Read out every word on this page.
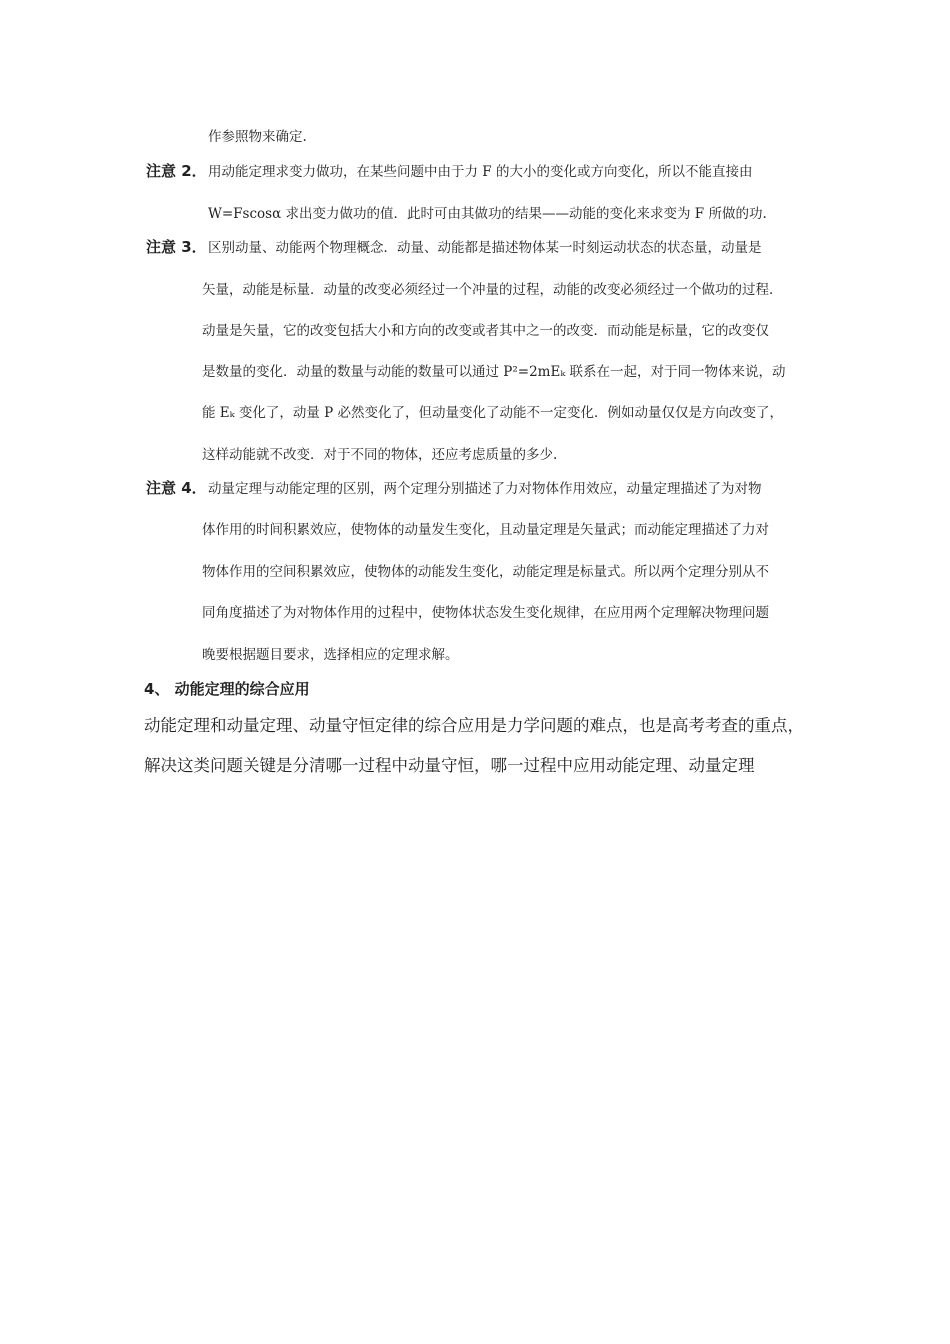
作参照物来确定.
注意 2． 用动能定理求变力做功，在某些问题中由于力 F 的大小的变化或方向变化，所以不能直接由
W=Fscosα 求出变力做功的值．此时可由其做功的结果——动能的变化来求变为 F 所做的功.
注意 3． 区别动量、动能两个物理概念．动量、动能都是描述物体某一时刻运动状态的状态量，动量是
矢量，动能是标量．动量的改变必须经过一个冲量的过程，动能的改变必须经过一个做功的过程．
动量是矢量，它的改变包括大小和方向的改变或者其中之一的改变．而动能是标量，它的改变仅
是数量的变化．动量的数量与动能的数量可以通过 P²=2mEₖ 联系在一起，对于同一物体来说，动
能 Eₖ 变化了，动量 P 必然变化了，但动量变化了动能不一定变化．例如动量仅仅是方向改变了，
这样动能就不改变．对于不同的物体，还应考虑质量的多少.
注意 4． 动量定理与动能定理的区别，两个定理分别描述了力对物体作用效应，动量定理描述了为对物
体作用的时间积累效应，使物体的动量发生变化，且动量定理是矢量武；而动能定理描述了力对
物体作用的空间积累效应，使物体的动能发生变化，动能定理是标量式。所以两个定理分别从不
同角度描述了为对物体作用的过程中，使物体状态发生变化规律，在应用两个定理解决物理问题
晚要根据题目要求，选择相应的定理求解。
4、 动能定理的综合应用
动能定理和动量定理、动量守恒定律的综合应用是力学问题的难点，也是高考考查的重点，
解决这类问题关键是分清哪一过程中动量守恒，哪一过程中应用动能定理、动量定理
